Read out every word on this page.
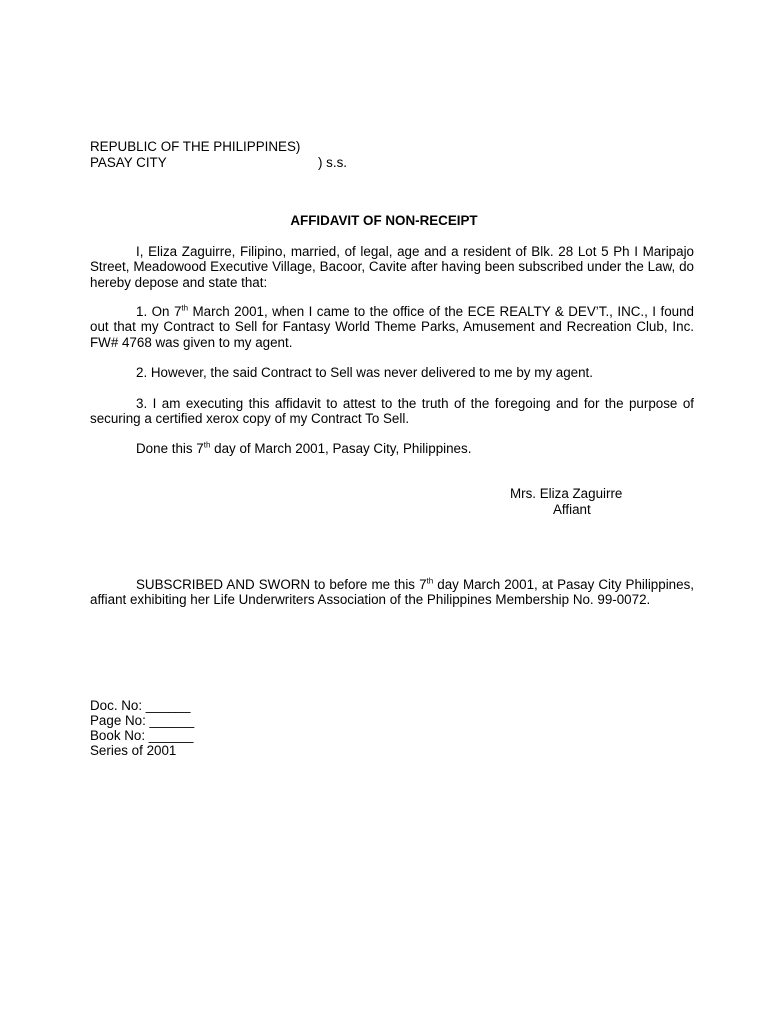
REPUBLIC OF THE PHILIPPINES)
PASAY CITY	) s.s.
AFFIDAVIT OF NON-RECEIPT
I, Eliza Zaguirre, Filipino, married, of legal, age and a resident of Blk. 28 Lot 5 Ph I Maripajo Street, Meadowood Executive Village, Bacoor, Cavite after having been subscribed under the Law, do hereby depose and state that:
1. On 7th March 2001, when I came to the office of the ECE REALTY & DEV’T., INC., I found out that my Contract to Sell for Fantasy World Theme Parks, Amusement and Recreation Club, Inc. FW# 4768 was given to my agent.
2. However, the said Contract to Sell was never delivered to me by my agent.
3. I am executing this affidavit to attest to the truth of the foregoing and for the purpose of securing a certified xerox copy of my Contract To Sell.
Done this 7th day of March 2001, Pasay City, Philippines.
Mrs. Eliza Zaguirre
Affiant
SUBSCRIBED AND SWORN to before me this 7th day March 2001, at Pasay City Philippines, affiant exhibiting her Life Underwriters Association of the Philippines Membership No. 99-0072.
Doc. No: ______
Page No: ______
Book No: ______
Series of 2001
